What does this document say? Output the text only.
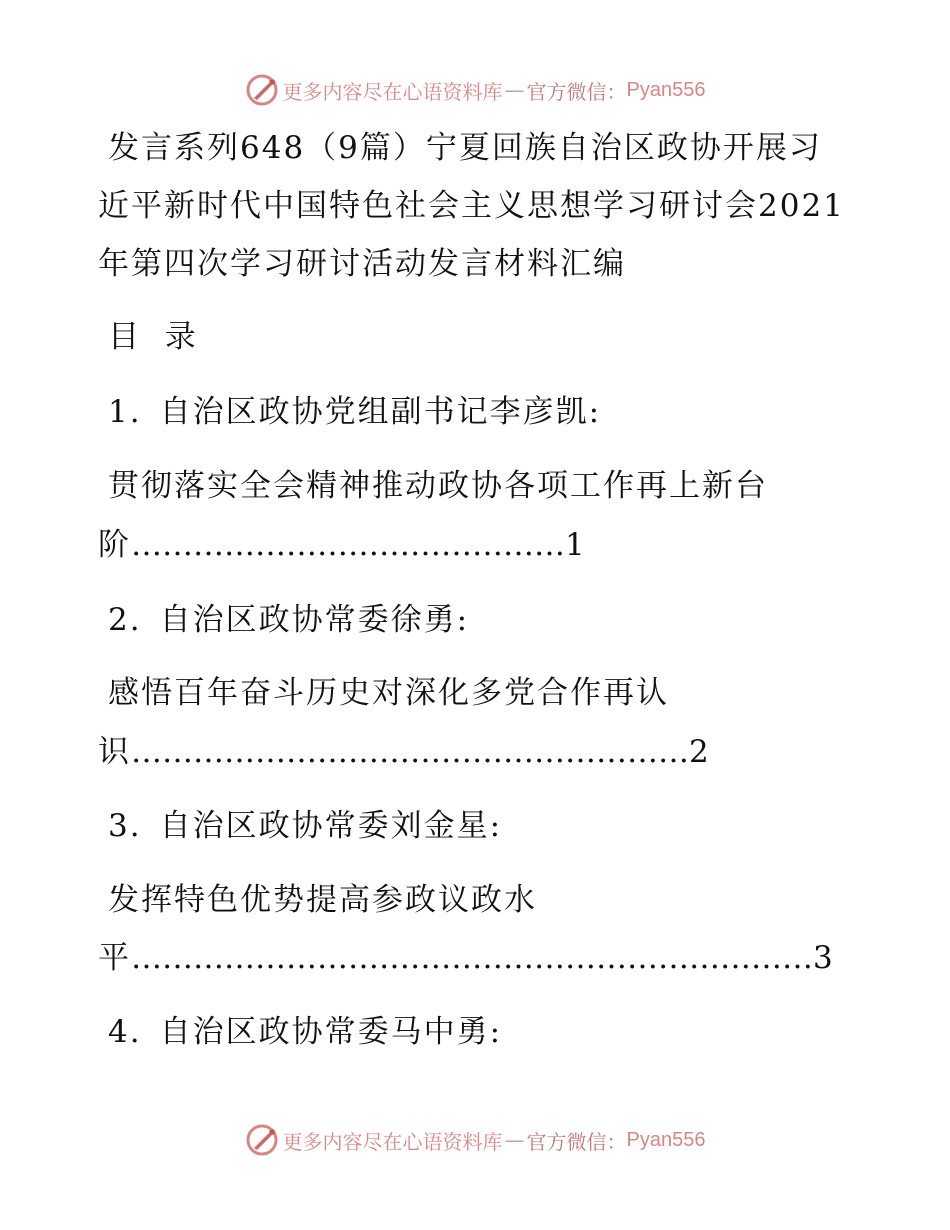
更多内容尽在心语资料库 — 官方微信： Pyan556
发言系列648（9篇）宁夏回族自治区政协开展习
近平新时代中国特色社会主义思想学习研讨会2021
年第四次学习研讨活动发言材料汇编
目  录
1. 自治区政协党组副书记李彦凯:
贯彻落实全会精神推动政协各项工作再上新台
阶……………………………………1
2. 自治区政协常委徐勇:
感悟百年奋斗历史对深化多党合作再认
识………………………………………………2
3. 自治区政协常委刘金星:
发挥特色优势提高参政议政水
平…………………………………………………………3
4. 自治区政协常委马中勇:
更多内容尽在心语资料库 — 官方微信： Pyan556
